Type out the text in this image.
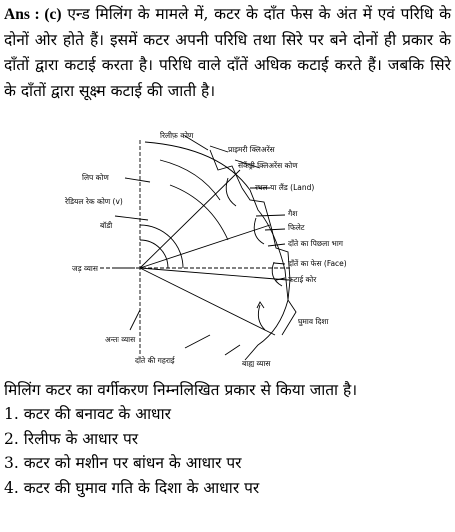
Ans : (c) एन्ड मिलिंग के मामले में, कटर के दाँत फेस के अंत में एवं परिधि के दोनों ओर होते हैं। इसमें कटर अपनी परिधि तथा सिरे पर बने दोनों ही प्रकार के दाँतों द्वारा कटाई करता है। परिधि वाले दाँतें अधिक कटाई करते हैं। जबकि सिरे के दाँतों द्वारा सूक्ष्म कटाई की जाती है।

रिलीफ़ कोण
प्राइमरी क्लिअरेंस
सेकेंड्री क्लिअरेंस कोण
लिप कोण
स्थल या लैंड (Land)
रेडियल रेक कोण (v)
बॉडी
गैश
फिलेट
दाँते का पिछला भाग
दाँतें का फेस (Face)
कटाई कोर
जड़ व्यास
घुमाव दिशा
अन्तः व्यास
दाँते की गहराई	बाह्य व्यास
मिलिंग कटर का वर्गीकरण निम्नलिखित प्रकार से किया जाता है।
1. कटर की बनावट के आधार
2. रिलीफ के आधार पर
3. कटर को मशीन पर बांधन के आधार पर
4. कटर की घुमाव गति के दिशा के आधार पर
